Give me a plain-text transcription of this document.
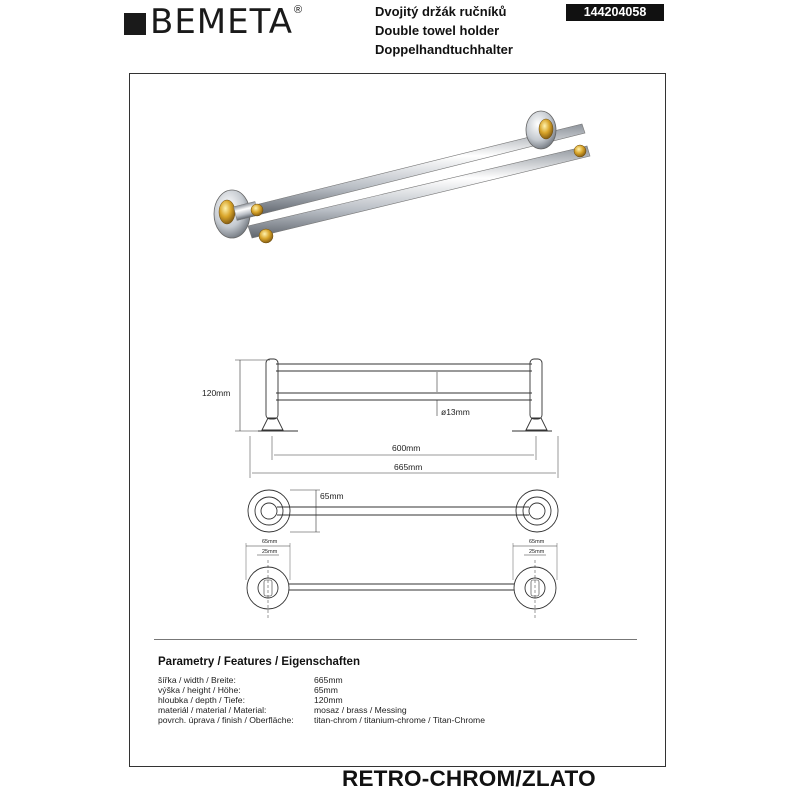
BEMETA ®	Dvojitý držák ručníků
Double towel holder
Doppelhandtuchhalter
144204058
120mm
ø13mm
600mm
665mm
65mm
65mm
25mm
65mm
25mm
Parametry / Features / Eigenschaften
šířka / width / Breite:	665mm
výška / height / Höhe:	65mm
hloubka / depth / Tiefe:	120mm
materiál / material / Material:	mosaz / brass / Messing
povrch. úprava / finish / Oberfläche:	titan-chrom / titanium-chrome / Titan-Chrome
RETRO-CHROM/ZLATO
